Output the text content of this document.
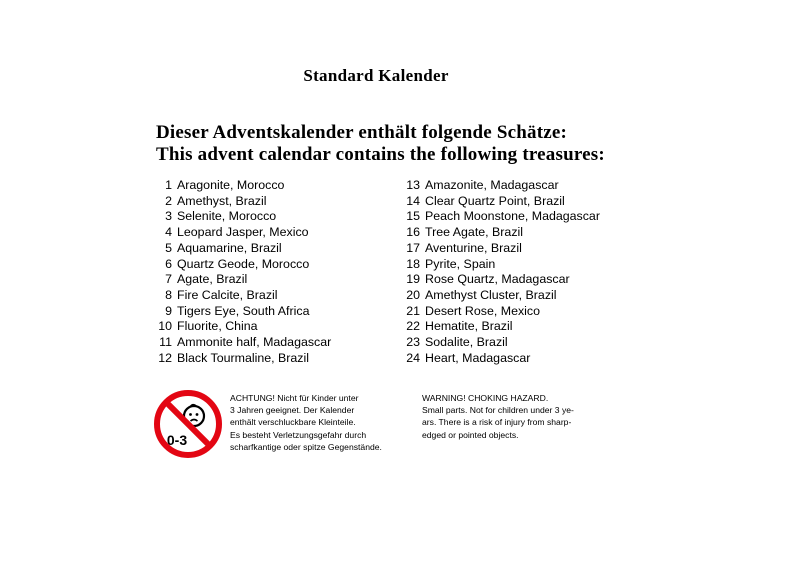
Standard Kalender
Dieser Adventskalender enthält folgende Schätze:
This advent calendar contains the following treasures:
1 Aragonite, Morocco
2 Amethyst, Brazil
3 Selenite, Morocco
4 Leopard Jasper, Mexico
5 Aquamarine, Brazil
6 Quartz Geode, Morocco
7 Agate, Brazil
8 Fire Calcite, Brazil
9 Tigers Eye, South Africa
10 Fluorite, China
11 Ammonite half, Madagascar
12 Black Tourmaline, Brazil
13 Amazonite, Madagascar
14 Clear Quartz Point, Brazil
15 Peach Moonstone, Madagascar
16 Tree Agate, Brazil
17 Aventurine, Brazil
18 Pyrite, Spain
19 Rose Quartz, Madagascar
20 Amethyst Cluster, Brazil
21 Desert Rose, Mexico
22 Hematite, Brazil
23 Sodalite, Brazil
24 Heart, Madagascar
0-3
ACHTUNG! Nicht für Kinder unter
3 Jahren geeignet. Der Kalender
enthält verschluckbare Kleinteile.
Es besteht Verletzungsgefahr durch
scharfkantige oder spitze Gegenstände.
WARNING! CHOKING HAZARD.
Small parts. Not for children under 3 ye-
ars. There is a risk of injury from sharp-
edged or pointed objects.
